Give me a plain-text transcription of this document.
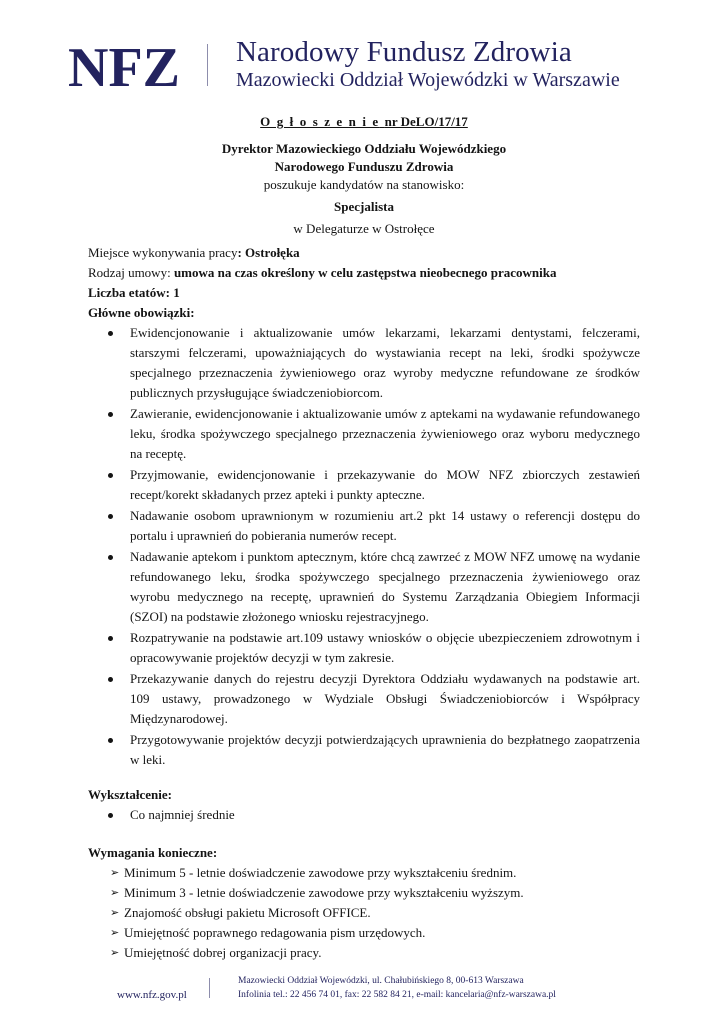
NFZ Narodowy Fundusz Zdrowia
Mazowiecki Oddział Wojewódzki w Warszawie
O g ł o s z e n i e nr DeLO/17/17
Dyrektor Mazowieckiego Oddziału Wojewódzkiego
Narodowego Funduszu Zdrowia
poszukuje kandydatów na stanowisko:
Specjalista
w Delegaturze w Ostrołęce
Miejsce wykonywania pracy: Ostrołęka
Rodzaj umowy: umowa na czas określony w celu zastępstwa nieobecnego pracownika
Liczba etatów: 1
Główne obowiązki:
Ewidencjonowanie i aktualizowanie umów lekarzami, lekarzami dentystami, felczerami, starszymi felczerami, upoważniających do wystawiania recept na leki, środki spożywcze specjalnego przeznaczenia żywieniowego oraz wyroby medyczne refundowane ze środków publicznych przysługujące świadczeniobiorcom.
Zawieranie, ewidencjonowanie i aktualizowanie umów z aptekami na wydawanie refundowanego leku, środka spożywczego specjalnego przeznaczenia żywieniowego oraz wyboru medycznego na receptę.
Przyjmowanie, ewidencjonowanie i przekazywanie do MOW NFZ zbiorczych zestawień recept/korekt składanych przez apteki i punkty apteczne.
Nadawanie osobom uprawnionym w rozumieniu art.2 pkt 14 ustawy o referencji dostępu do portalu i uprawnień do pobierania numerów recept.
Nadawanie aptekom i punktom aptecznym, które chcą zawrzeć z MOW NFZ umowę na wydanie refundowanego leku, środka spożywczego specjalnego przeznaczenia żywieniowego oraz wyrobu medycznego na receptę, uprawnień do Systemu Zarządzania Obiegiem Informacji (SZOI) na podstawie złożonego wniosku rejestracyjnego.
Rozpatrywanie na podstawie art.109 ustawy wniosków o objęcie ubezpieczeniem zdrowotnym i opracowywanie projektów decyzji w tym zakresie.
Przekazywanie danych do rejestru decyzji Dyrektora Oddziału wydawanych na podstawie art. 109 ustawy, prowadzonego w Wydziale Obsługi Świadczeniobiorców i Współpracy Międzynarodowej.
Przygotowywanie projektów decyzji potwierdzających uprawnienia do bezpłatnego zaopatrzenia w leki.
Wykształcenie:
Co najmniej średnie
Wymagania konieczne:
➢ Minimum 5 - letnie doświadczenie zawodowe przy wykształceniu średnim.
➢ Minimum 3 - letnie doświadczenie zawodowe przy wykształceniu wyższym.
➢ Znajomość obsługi pakietu Microsoft OFFICE.
➢ Umiejętność poprawnego redagowania pism urzędowych.
➢ Umiejętność dobrej organizacji pracy.
www.nfz.gov.pl
Mazowiecki Oddział Wojewódzki, ul. Chałubińskiego 8, 00-613 Warszawa
Infolinia tel.: 22 456 74 01, fax: 22 582 84 21, e-mail: kancelaria@nfz-warszawa.pl
